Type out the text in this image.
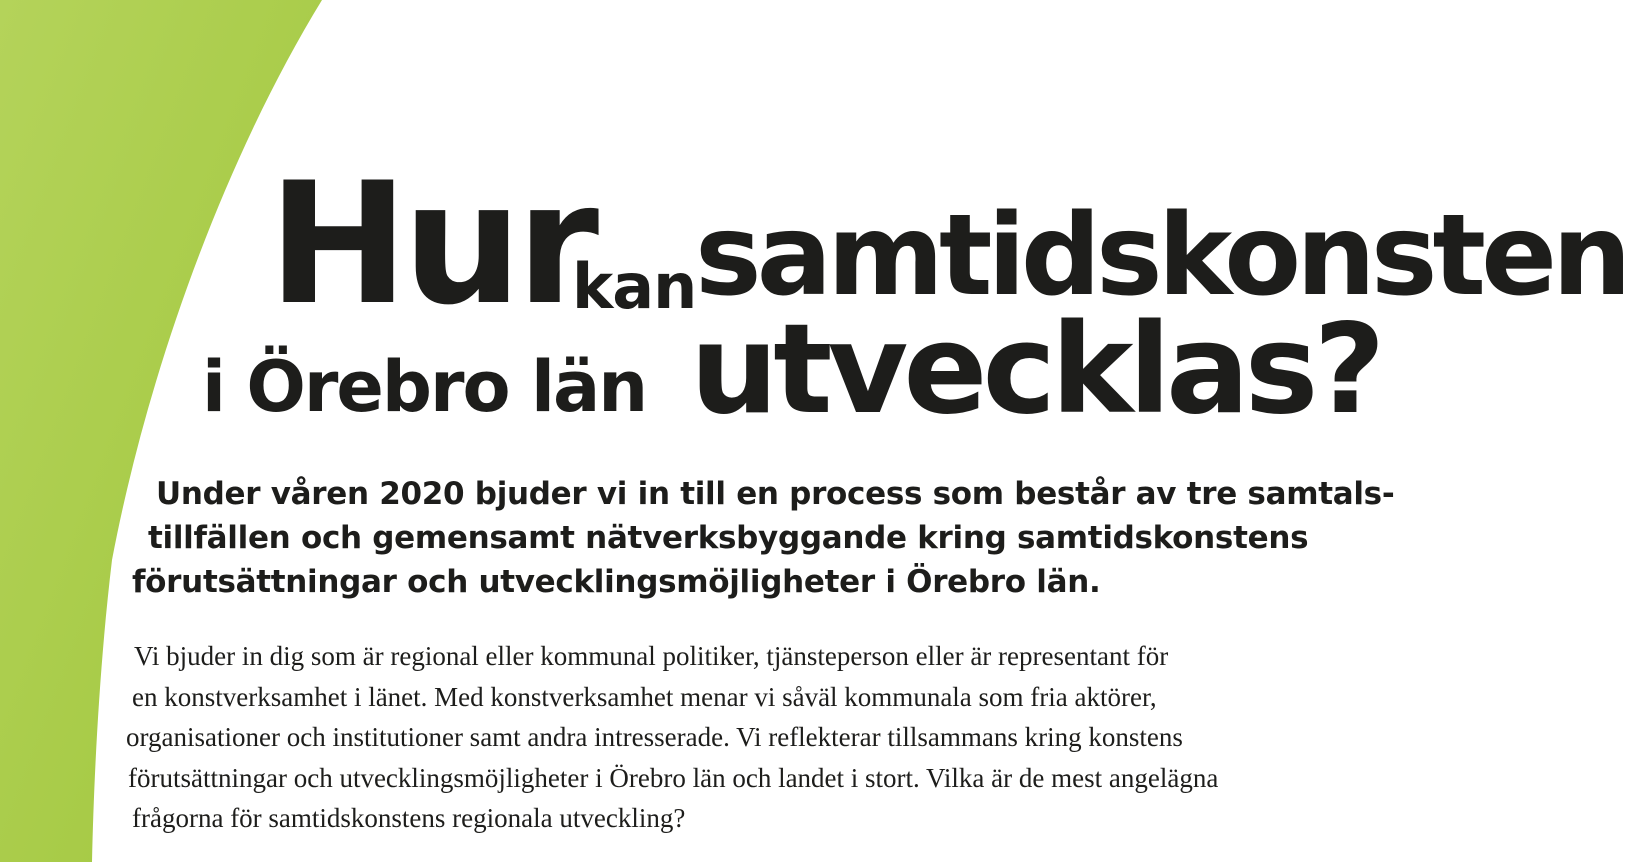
Hur
kan
samtidskonsten
i Örebro län utvecklas?
Under våren 2020 bjuder vi in till en process som består av tre samtals-
tillfällen och gemensamt nätverksbyggande kring samtidskonstens
förutsättningar och utvecklingsmöjligheter i Örebro län.
Vi bjuder in dig som är regional eller kommunal politiker, tjänsteperson eller är representant för
en konstverksamhet i länet. Med konstverksamhet menar vi såväl kommunala som fria aktörer,
organisationer och institutioner samt andra intresserade. Vi reflekterar tillsammans kring konstens
förutsättningar och utvecklingsmöjligheter i Örebro län och landet i stort. Vilka är de mest angelägna
frågorna för samtidskonstens regionala utveckling?
